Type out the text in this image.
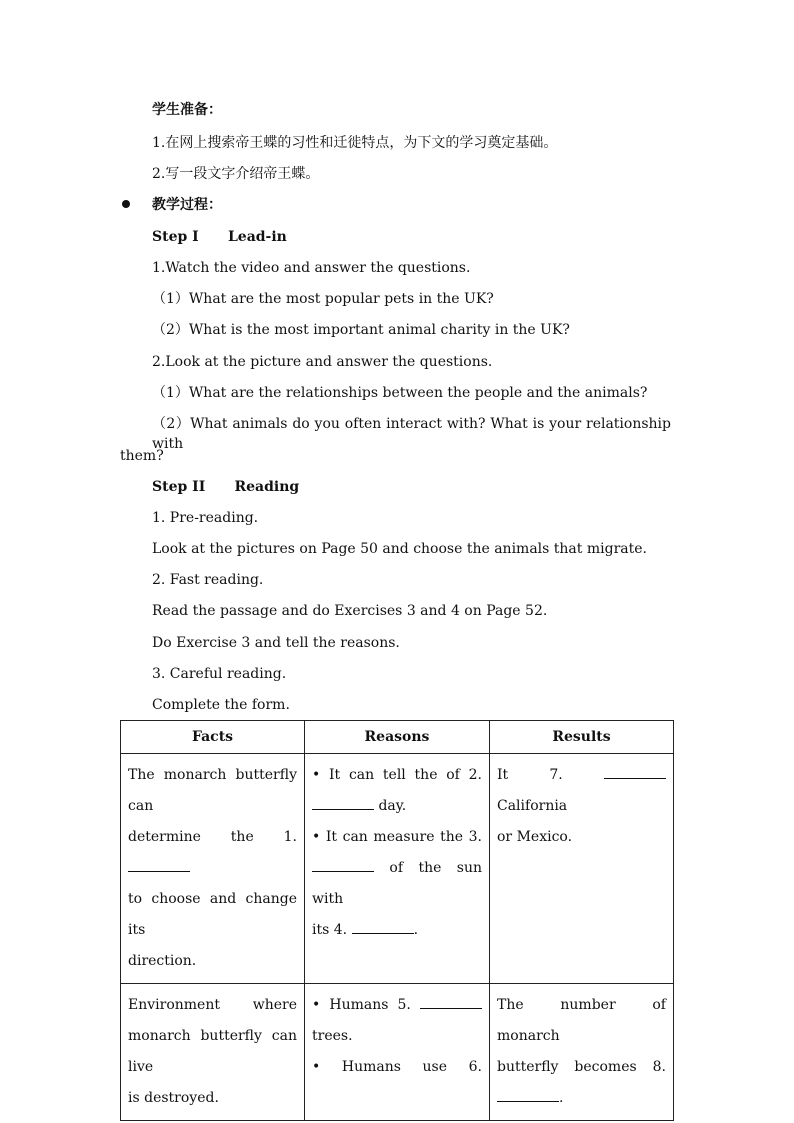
学生准备：
1.在网上搜索帝王蝶的习性和迁徙特点，为下文的学习奠定基础。
2.写一段文字介绍帝王蝶。
教学过程：
Step I      Lead-in
1.Watch the video and answer the questions.
（1）What are the most popular pets in the UK?
（2）What is the most important animal charity in the UK?
2.Look at the picture and answer the questions.
（1）What are the relationships between the people and the animals?
（2）What animals do you often interact with? What is your relationship with
them?
Step II      Reading
1. Pre-reading.
Look at the pictures on Page 50 and choose the animals that migrate.
2. Fast reading.
Read the passage and do Exercises 3 and 4 on Page 52.
Do Exercise 3 and tell the reasons.
3. Careful reading.
Complete the form.
Facts	Reasons	Results

The monarch butterfly can
determine the 1.
to choose and change its
direction.	• It can tell the of 2.
day.
• It can measure the 3.
of the sun with
its 4. .	It 7.  California
or Mexico.

Environment where
monarch butterfly can live
is destroyed.	• Humans 5.
trees.
• Humans use 6.	The number of monarch
butterfly becomes 8.
.
